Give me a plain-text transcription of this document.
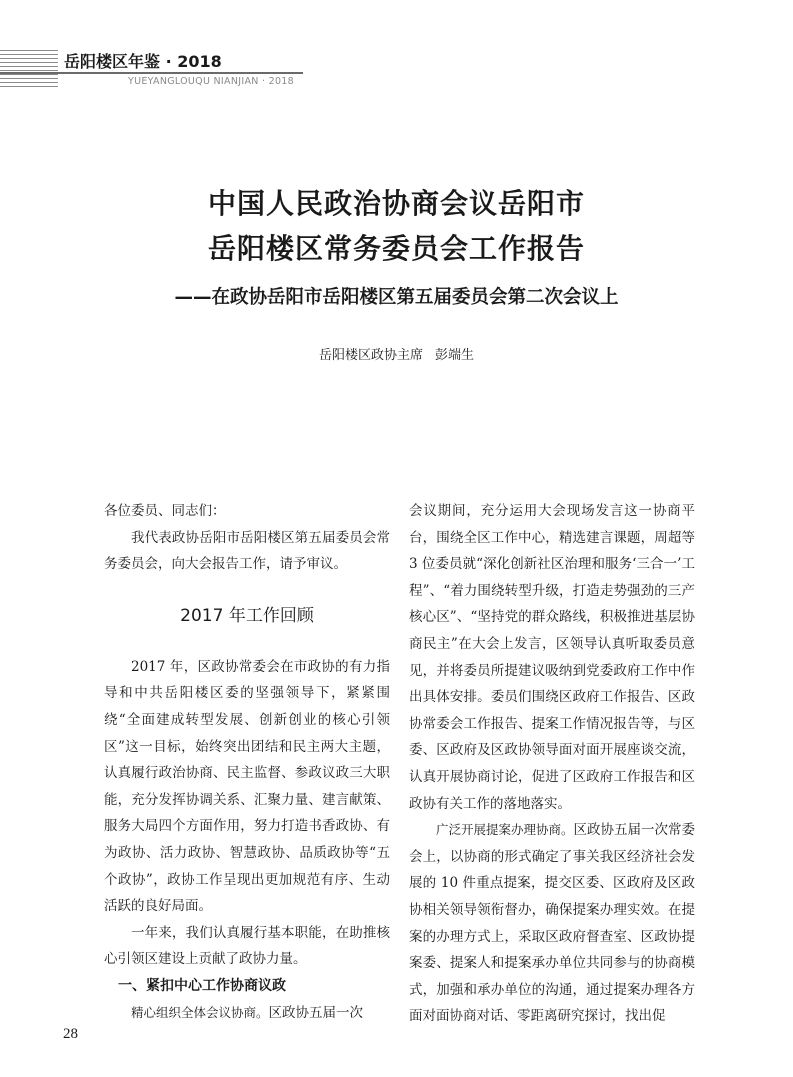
岳阳楼区年鉴 · 2018

YUEYANGLOUQU NIANJIAN · 2018

中国人民政治协商会议岳阳市
岳阳楼区常务委员会工作报告
——在政协岳阳市岳阳楼区第五届委员会第二次会议上

岳阳楼区政协主席 彭端生

各位委员、同志们：

我代表政协岳阳市岳阳楼区第五届委员会常务委员会，向大会报告工作，请予审议。

2017 年工作回顾

2017 年，区政协常委会在市政协的有力指导和中共岳阳楼区委的坚强领导下，紧紧围绕“全面建成转型发展、创新创业的核心引领区”这一目标，始终突出团结和民主两大主题，认真履行政治协商、民主监督、参政议政三大职能，充分发挥协调关系、汇聚力量、建言献策、服务大局四个方面作用，努力打造书香政协、有为政协、活力政协、智慧政协、品质政协等“五个政协”，政协工作呈现出更加规范有序、生动活跃的良好局面。

一年来，我们认真履行基本职能，在助推核心引领区建设上贡献了政协力量。

一、紧扣中心工作协商议政

精心组织全体会议协商。区政协五届一次

会议期间，充分运用大会现场发言这一协商平台，围绕全区工作中心，精选建言课题，周超等 3 位委员就“深化创新社区治理和服务‘三合一’工程”、“着力围绕转型升级，打造走势强劲的三产核心区”、“坚持党的群众路线，积极推进基层协商民主”在大会上发言，区领导认真听取委员意见，并将委员所提建议吸纳到党委政府工作中作出具体安排。委员们围绕区政府工作报告、区政协常委会工作报告、提案工作情况报告等，与区委、区政府及区政协领导面对面开展座谈交流，认真开展协商讨论，促进了区政府工作报告和区政协有关工作的落地落实。

广泛开展提案办理协商。区政协五届一次常委会上，以协商的形式确定了事关我区经济社会发展的 10 件重点提案，提交区委、区政府及区政协相关领导领衔督办，确保提案办理实效。在提案的办理方式上，采取区政府督查室、区政协提案委、提案人和提案承办单位共同参与的协商模式，加强和承办单位的沟通，通过提案办理各方面对面协商对话、零距离研究探讨，找出促

28
